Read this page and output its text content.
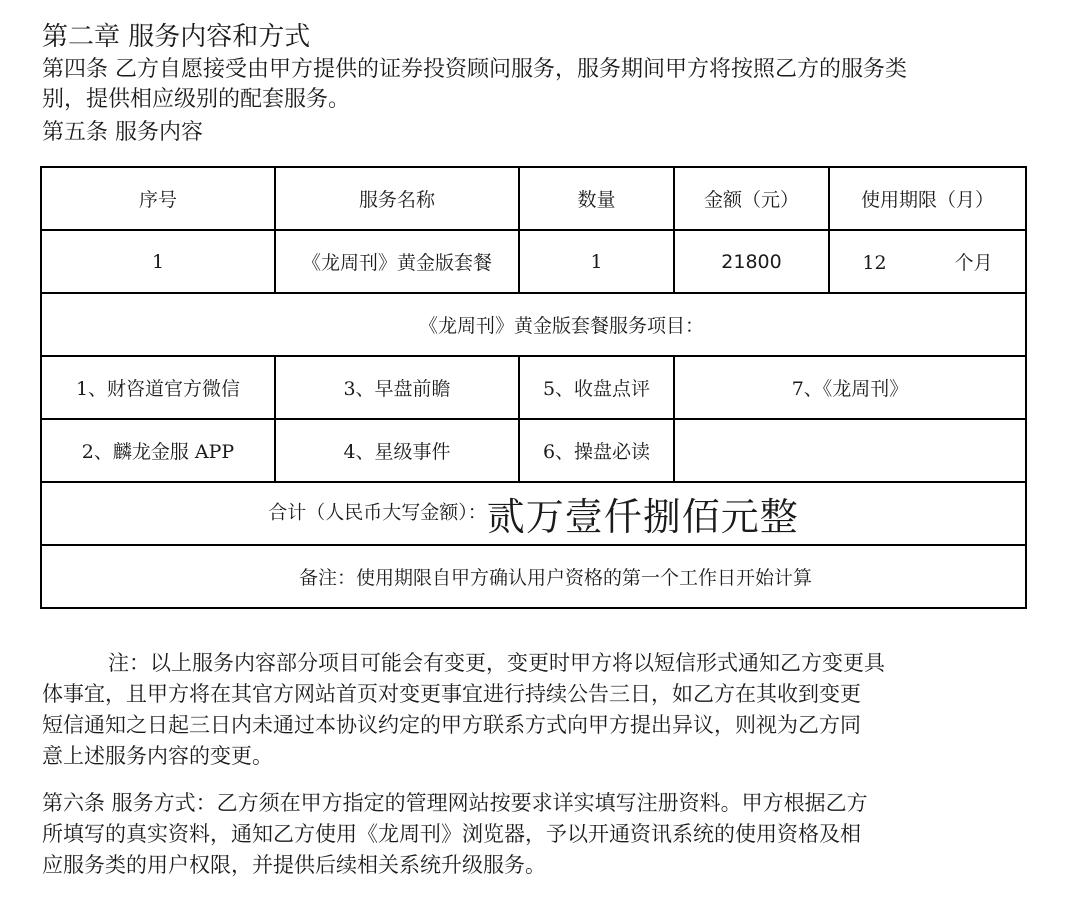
第二章 服务内容和方式
第四条 乙方自愿接受由甲方提供的证券投资顾问服务，服务期间甲方将按照乙方的服务类
别，提供相应级别的配套服务。
第五条 服务内容
序号	服务名称	数量	金额（元）	使用期限（月）
1	《龙周刊》黄金版套餐	1	21800	12 个月
《龙周刊》黄金版套餐服务项目：				
1、财咨道官方微信	3、早盘前瞻	5、收盘点评	7、《龙周刊》	
2、麟龙金服 APP	4、星级事件	6、操盘必读		
合计（人民币大写金额）：贰万壹仟捌佰元整				
备注：使用期限自甲方确认用户资格的第一个工作日开始计算				
注：以上服务内容部分项目可能会有变更，变更时甲方将以短信形式通知乙方变更具
体事宜，且甲方将在其官方网站首页对变更事宜进行持续公告三日，如乙方在其收到变更
短信通知之日起三日内未通过本协议约定的甲方联系方式向甲方提出异议，则视为乙方同
意上述服务内容的变更。
第六条 服务方式：乙方须在甲方指定的管理网站按要求详实填写注册资料。甲方根据乙方
所填写的真实资料，通知乙方使用《龙周刊》浏览器，予以开通资讯系统的使用资格及相
应服务类的用户权限，并提供后续相关系统升级服务。
